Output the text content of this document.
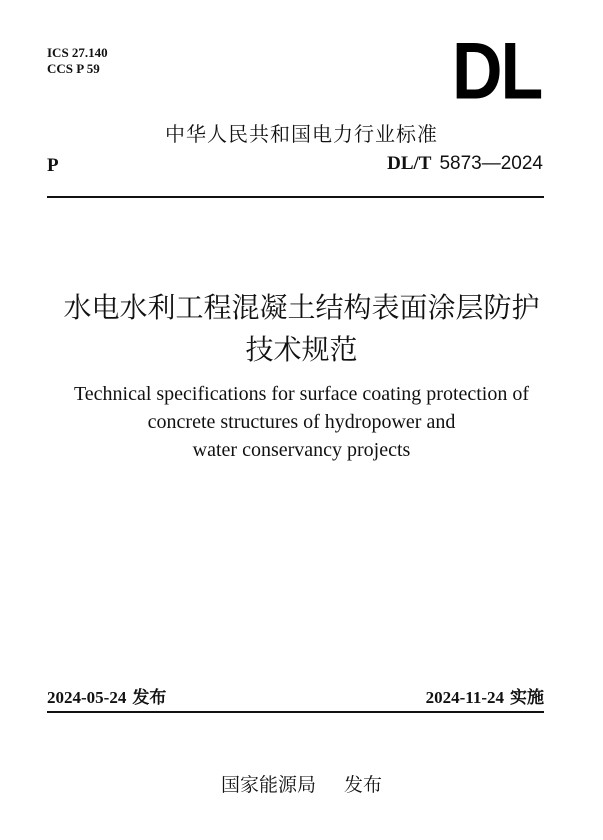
ICS 27.140
CCS P 59	DL
中华人民共和国电力行业标准
P	DL/T 5873—2024
水电水利工程混凝土结构表面涂层防护
技术规范
Technical specifications for surface coating protection of
concrete structures of hydropower and
water conservancy projects
2024-05-24 发布	2024-11-24 实施
国家能源局 发布
